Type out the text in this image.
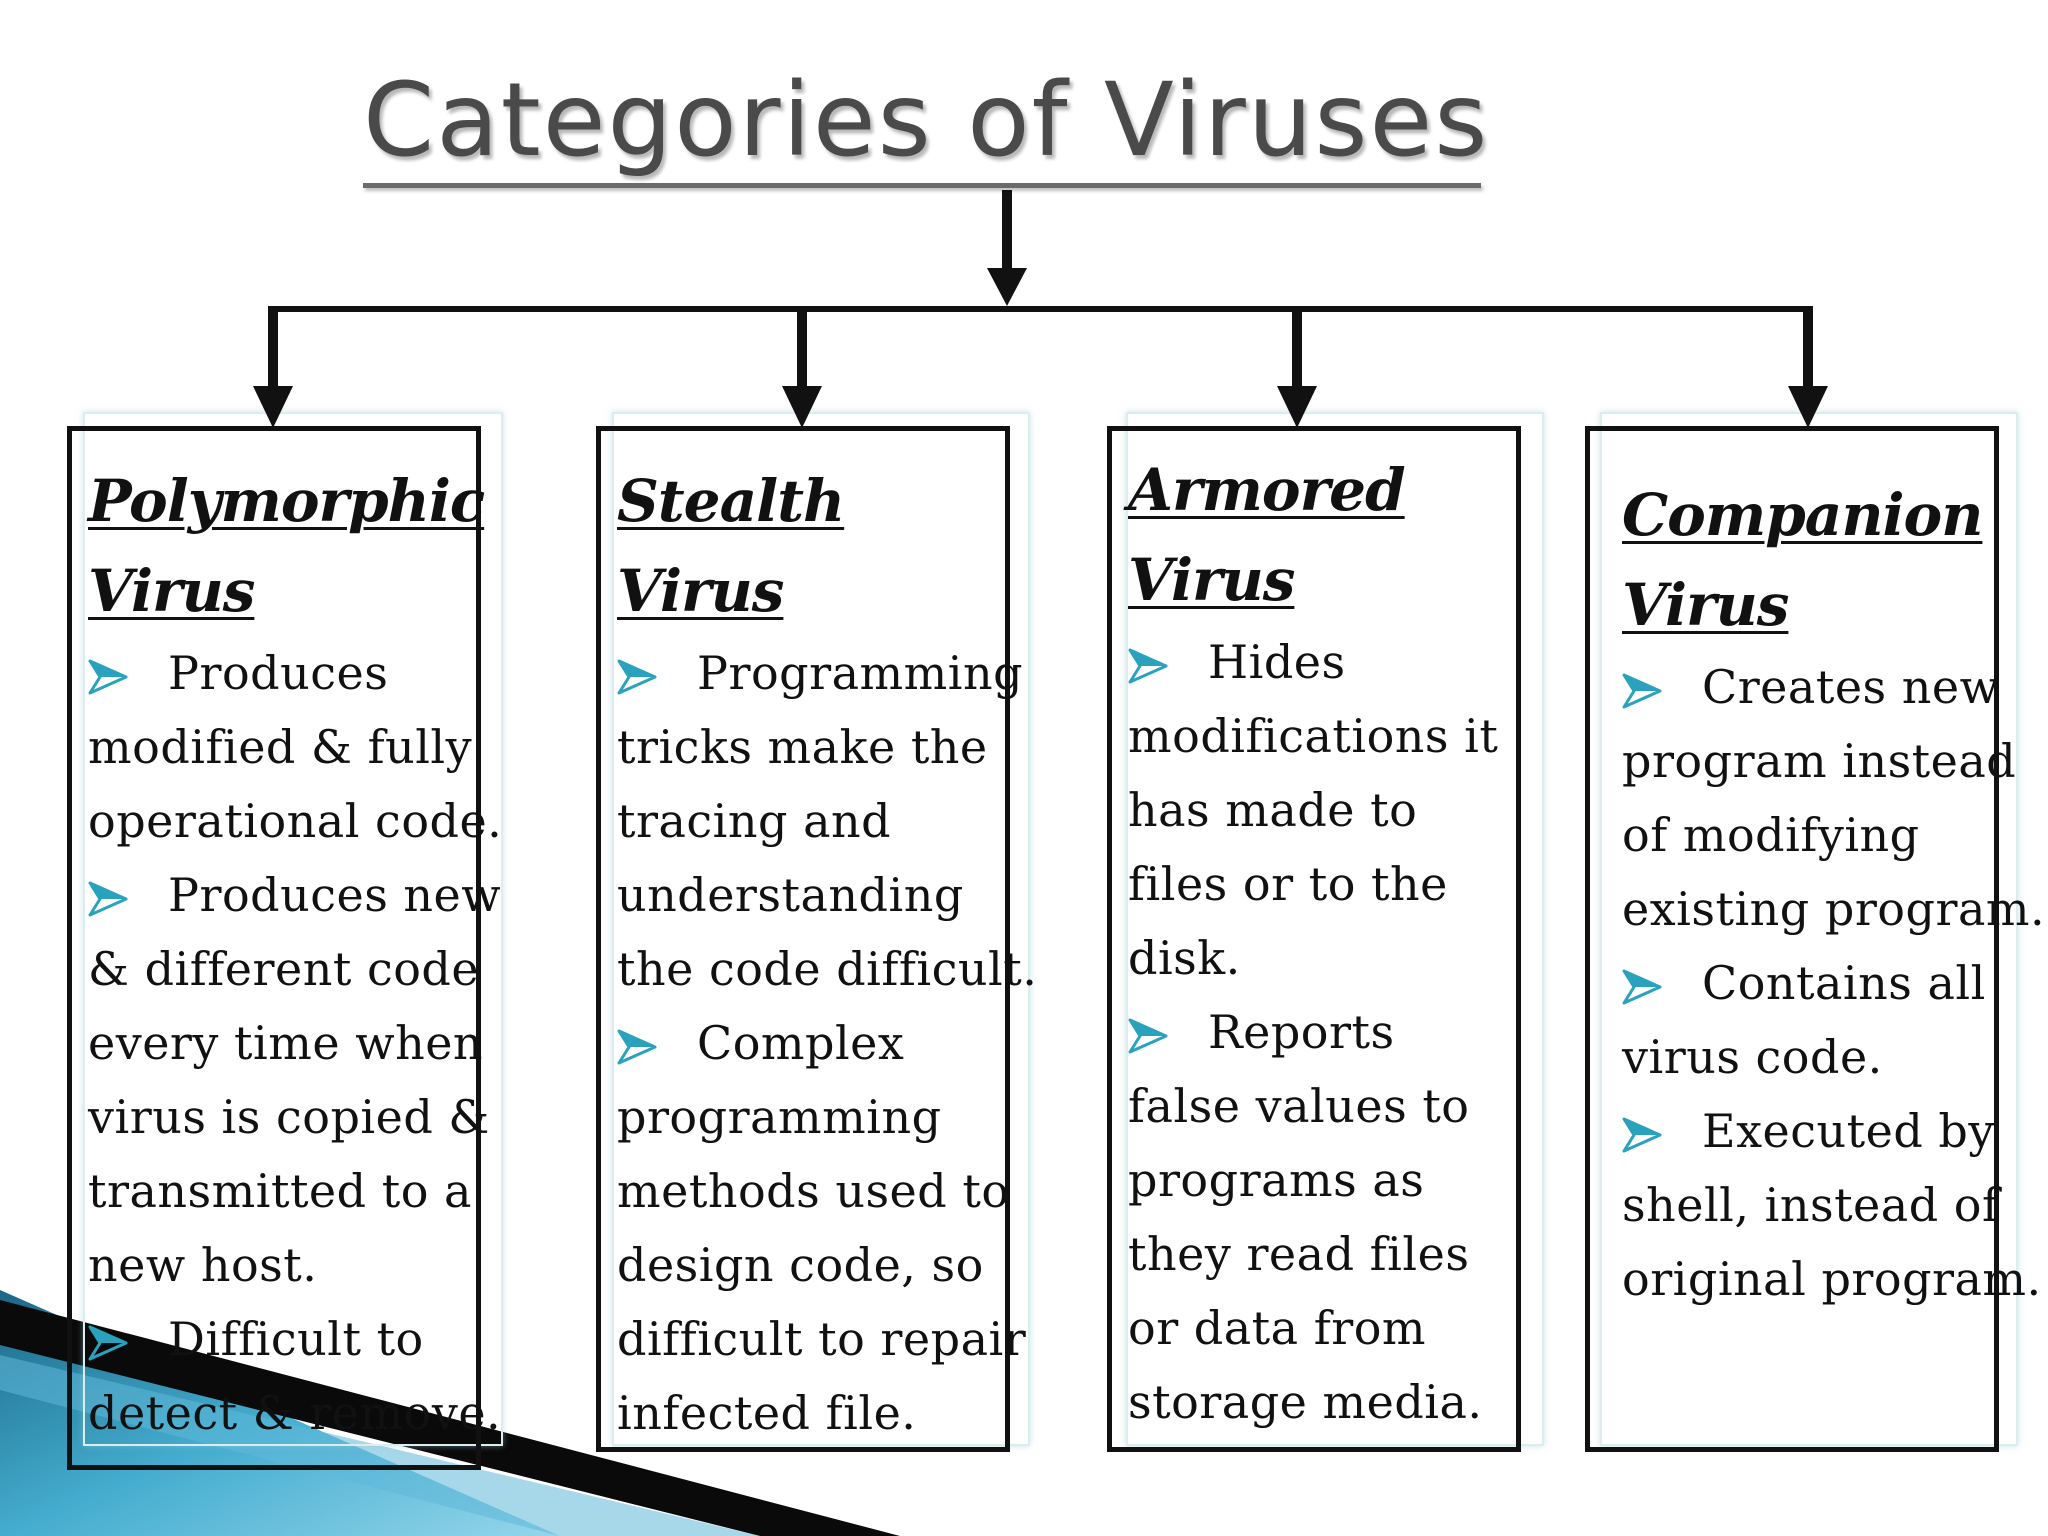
Categories of Viruses
Polymorphic
Virus
Produces
modified & fully
operational code.
Produces new
& different code
every time when
virus is copied &
transmitted to a
new host.
Difficult to
detect & remove.
Stealth
Virus
Programming
tricks make the
tracing and
understanding
the code difficult.
Complex
programming
methods used to
design code, so
difficult to repair
infected file.
Armored
Virus
Hides
modifications it
has made to
files or to the
disk.
Reports
false values to
programs as
they read files
or data from
storage media.
Companion
Virus
Creates new
program instead
of modifying
existing program.
Contains all
virus code.
Executed by
shell, instead of
original program.
